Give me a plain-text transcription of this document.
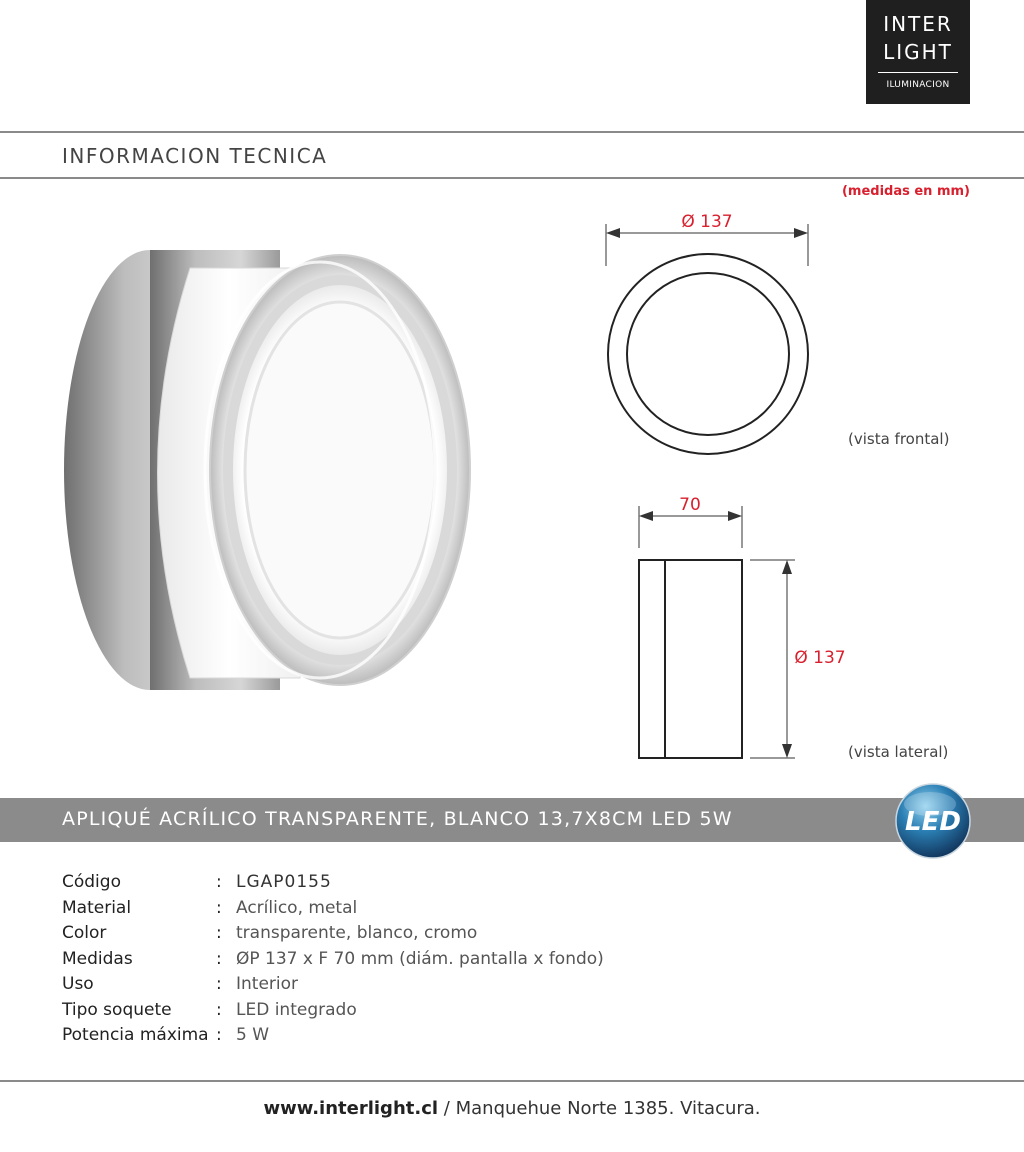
INTER
LIGHT
ILUMINACION
INFORMACION TECNICA
(medidas en mm)
Ø 137
70
Ø 137
(vista frontal)
(vista lateral)
APLIQUÉ ACRÍLICO TRANSPARENTE, BLANCO 13,7X8CM LED 5W	LED
Código	: LGAP0155
Material	: Acrílico, metal
Color	: transparente, blanco, cromo
Medidas	: ØP 137 x F 70 mm (diám. pantalla x fondo)
Uso	: Interior
Tipo soquete	: LED integrado
Potencia máxima : 5 W
www.interlight.cl / Manquehue Norte 1385. Vitacura.
